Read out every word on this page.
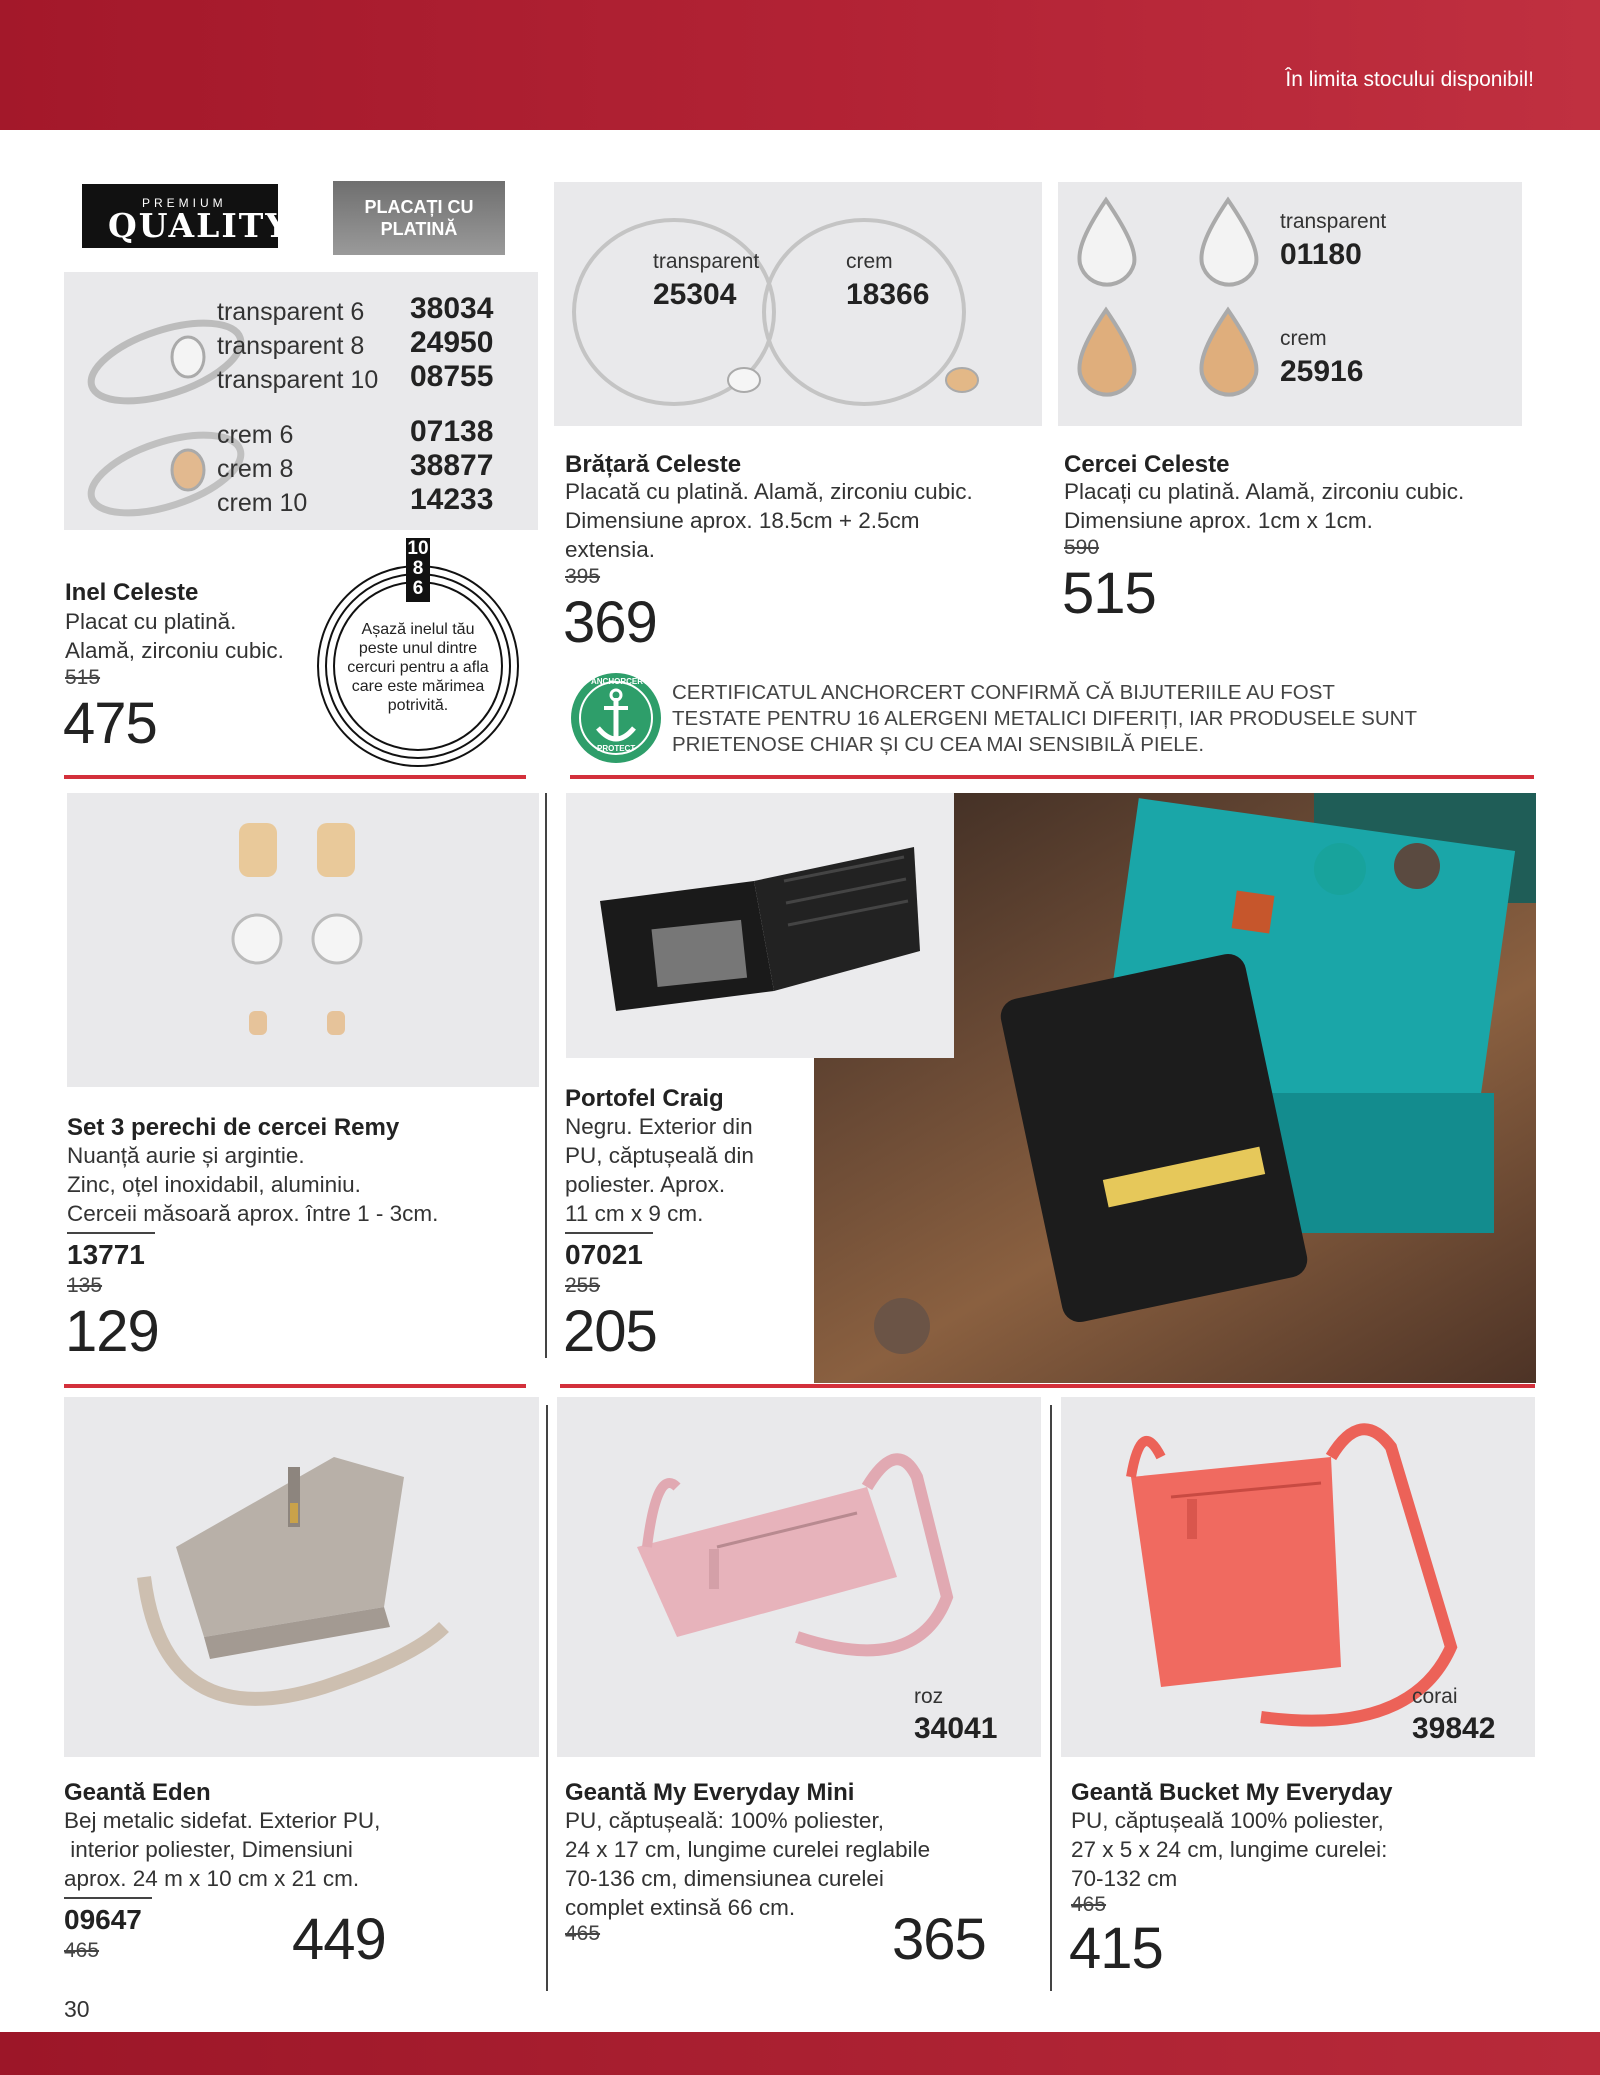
În limita stocului disponibil!
PREMIUM
QUALITY	PLACAȚI CU PLATINĂ
transparent 6 38034
transparent 8 24950
transparent 10 08755
crem 6	07138
crem 8	38877
crem 10	14233
Inel Celeste
Placat cu platină.
Alamă, zirconiu cubic.
515
475
10
8
6
Așază inelul tău peste unul dintre cercuri pentru a afla care este mărimea potrivită.
transparent
25304
crem
18366
Brățară Celeste
Placată cu platină. Alamă, zirconiu cubic.
Dimensiune aprox. 18.5cm + 2.5cm
extensia.
395
369
transparent
01180
crem
25916
Cercei Celeste
Placați cu platină. Alamă, zirconiu cubic.
Dimensiune aprox. 1cm x 1cm.
590
515
ANCHORCERT
PROTECT
CERTIFICATUL ANCHORCERT CONFIRMĂ CĂ BIJUTERIILE AU FOST
TESTATE PENTRU 16 ALERGENI METALICI DIFERIȚI, IAR PRODUSELE SUNT
PRIETENOSE CHIAR ȘI CU CEA MAI SENSIBILĂ PIELE.
Set 3 perechi de cercei Remy
Nuanță aurie și argintie.
Zinc, oțel inoxidabil, aluminiu.
Cerceii măsoară aprox. între 1 - 3cm.
13771
135
129
Portofel Craig
Negru. Exterior din
PU, căptușeală din
poliester. Aprox.
11 cm x 9 cm.
07021
255
205
Geantă Eden
Bej metalic sidefat. Exterior PU,
interior poliester, Dimensiuni
aprox. 24 m x 10 cm x 21 cm.
09647
465	449
roz
34041
Geantă My Everyday Mini
PU, căptușeală: 100% poliester,
24 x 17 cm, lungime curelei reglabile
70-136 cm, dimensiunea curelei
complet extinsă 66 cm.
465	365
corai
39842
Geantă Bucket My Everyday
PU, căptușeală 100% poliester,
27 x 5 x 24 cm, lungime curelei:
70-132 cm
465
415
30
